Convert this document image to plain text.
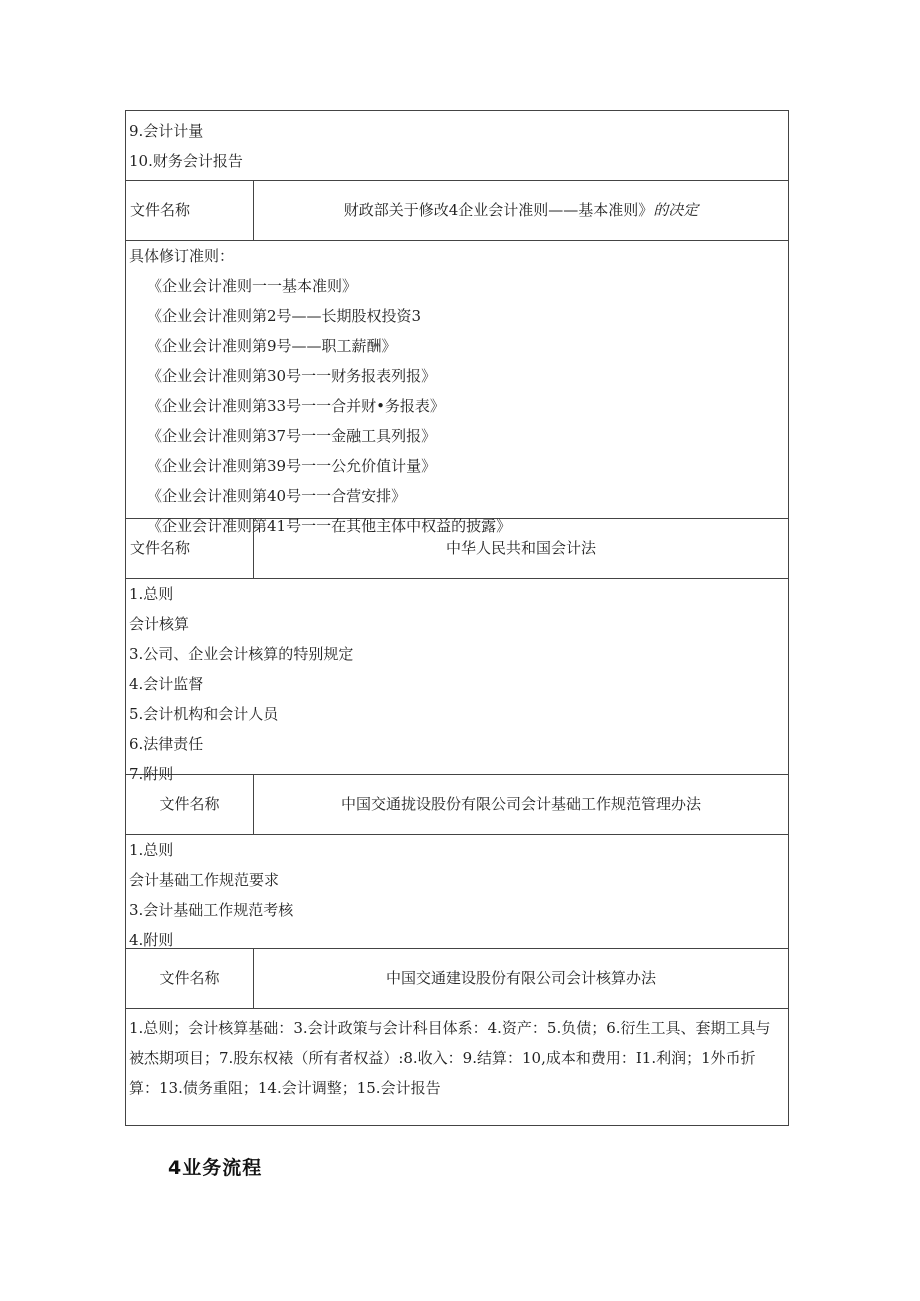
9.会计计量
10.财务会计报告
文件名称	财政部关于修改4企业会计准则——基本准则》的决定
具体修订准则：
《企业会计准则一一基本准则》
《企业会计准则第2号——长期股权投资3
《企业会计准则第9号——职工薪酬》
《企业会计准则第30号一一财务报表列报》
《企业会计准则第33号一一合并财•务报表》
《企业会计准则第37号一一金融工具列报》
《企业会计准则第39号一一公允价值计量》
《企业会计准则第40号一一合营安排》
《企业会计准则第41号一一在其他主体中权益的披露》
文件名称	中华人民共和国会计法
1.总则
会计核算
3.公司、企业会计核算的特别规定
4.会计监督
5.会计机构和会计人员
6.法律责任
7.附则
文件名称	中国交通拢设股份有限公司会计基础工作规范管理办法
1.总则
会计基础工作规范要求
3.会计基础工作规范考核
4.附则
文件名称	中国交通建设股份有限公司会计核算办法
1.总则；会计核算基础：3.会计政策与会计科目体系：4.资产：5.负债；6.衍生工具、套期工具与被杰期项目；7.股东权裱（所有者权益）:8.收入：9.结算：10,成本和费用：I1.利润；1外币折算：13.债务重阻；14.会计调整；15.会计报告
4业务流程
